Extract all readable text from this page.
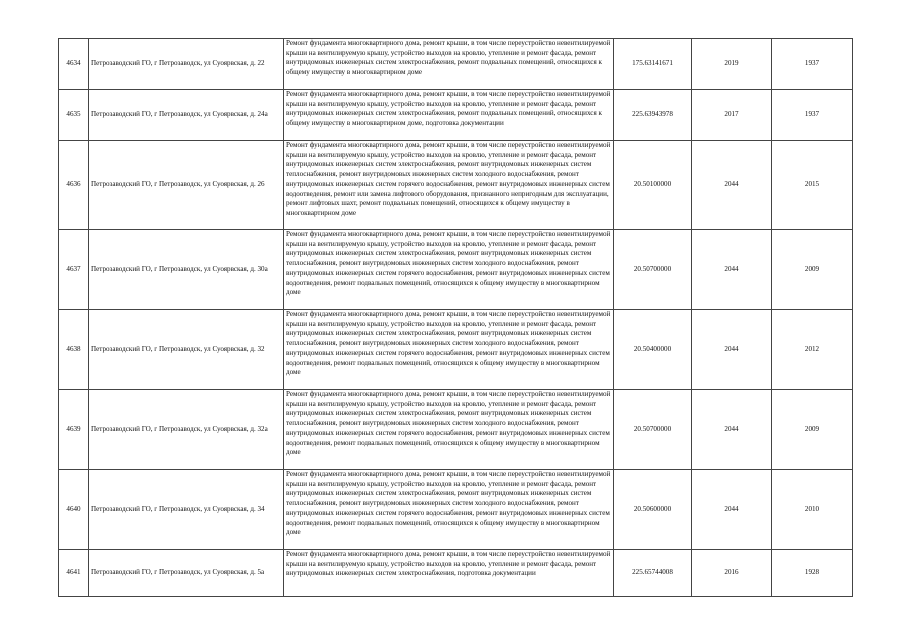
4634	Петрозаводский ГО, г Петрозаводск, ул Суоярвская, д. 22	Ремонт фундамента многоквартирного дома, ремонт крыши, в том числе переустройство невентилируемой крыши на вентилируемую крышу, устройство выходов на кровлю, утепление и ремонт фасада, ремонт внутридомовых инженерных систем электроснабжения, ремонт подвальных помещений, относящихся к общему имуществу в многоквартирном доме	175.63141671	2019	1937
4635	Петрозаводский ГО, г Петрозаводск, ул Суоярвская, д. 24а	Ремонт фундамента многоквартирного дома, ремонт крыши, в том числе переустройство невентилируемой крыши на вентилируемую крышу, устройство выходов на кровлю, утепление и ремонт фасада, ремонт внутридомовых инженерных систем электроснабжения, ремонт подвальных помещений, относящихся к общему имуществу в многоквартирном доме, подготовка документации	225.63943978	2017	1937
4636	Петрозаводский ГО, г Петрозаводск, ул Суоярвская, д. 26	Ремонт фундамента многоквартирного дома, ремонт крыши, в том числе переустройство невентилируемой крыши на вентилируемую крышу, устройство выходов на кровлю, утепление и ремонт фасада, ремонт внутридомовых инженерных систем электроснабжения, ремонт внутридомовых инженерных систем теплоснабжения, ремонт внутридомовых инженерных систем холодного водоснабжения, ремонт внутридомовых инженерных систем горячего водоснабжения, ремонт внутридомовых инженерных систем водоотведения, ремонт или замена лифтового оборудования, признанного непригодным для эксплуатации, ремонт лифтовых шахт, ремонт подвальных помещений, относящихся к общему имуществу в многоквартирном доме	20.50100000	2044	2015
4637	Петрозаводский ГО, г Петрозаводск, ул Суоярвская, д. 30а	Ремонт фундамента многоквартирного дома, ремонт крыши, в том числе переустройство невентилируемой крыши на вентилируемую крышу, устройство выходов на кровлю, утепление и ремонт фасада, ремонт внутридомовых инженерных систем электроснабжения, ремонт внутридомовых инженерных систем теплоснабжения, ремонт внутридомовых инженерных систем холодного водоснабжения, ремонт внутридомовых инженерных систем горячего водоснабжения, ремонт внутридомовых инженерных систем водоотведения, ремонт подвальных помещений, относящихся к общему имуществу в многоквартирном доме	20.50700000	2044	2009
4638	Петрозаводский ГО, г Петрозаводск, ул Суоярвская, д. 32	Ремонт фундамента многоквартирного дома, ремонт крыши, в том числе переустройство невентилируемой крыши на вентилируемую крышу, устройство выходов на кровлю, утепление и ремонт фасада, ремонт внутридомовых инженерных систем электроснабжения, ремонт внутридомовых инженерных систем теплоснабжения, ремонт внутридомовых инженерных систем холодного водоснабжения, ремонт внутридомовых инженерных систем горячего водоснабжения, ремонт внутридомовых инженерных систем водоотведения, ремонт подвальных помещений, относящихся к общему имуществу в многоквартирном доме	20.50400000	2044	2012
4639	Петрозаводский ГО, г Петрозаводск, ул Суоярвская, д. 32а	Ремонт фундамента многоквартирного дома, ремонт крыши, в том числе переустройство невентилируемой крыши на вентилируемую крышу, устройство выходов на кровлю, утепление и ремонт фасада, ремонт внутридомовых инженерных систем электроснабжения, ремонт внутридомовых инженерных систем теплоснабжения, ремонт внутридомовых инженерных систем холодного водоснабжения, ремонт внутридомовых инженерных систем горячего водоснабжения, ремонт внутридомовых инженерных систем водоотведения, ремонт подвальных помещений, относящихся к общему имуществу в многоквартирном доме	20.50700000	2044	2009
4640	Петрозаводский ГО, г Петрозаводск, ул Суоярвская, д. 34	Ремонт фундамента многоквартирного дома, ремонт крыши, в том числе переустройство невентилируемой крыши на вентилируемую крышу, устройство выходов на кровлю, утепление и ремонт фасада, ремонт внутридомовых инженерных систем электроснабжения, ремонт внутридомовых инженерных систем теплоснабжения, ремонт внутридомовых инженерных систем холодного водоснабжения, ремонт внутридомовых инженерных систем горячего водоснабжения, ремонт внутридомовых инженерных систем водоотведения, ремонт подвальных помещений, относящихся к общему имуществу в многоквартирном доме	20.50600000	2044	2010
4641	Петрозаводский ГО, г Петрозаводск, ул Суоярвская, д. 5а	Ремонт фундамента многоквартирного дома, ремонт крыши, в том числе переустройство невентилируемой крыши на вентилируемую крышу, устройство выходов на кровлю, утепление и ремонт фасада, ремонт внутридомовых инженерных систем электроснабжения, подготовка документации	225.65744008	2016	1928
